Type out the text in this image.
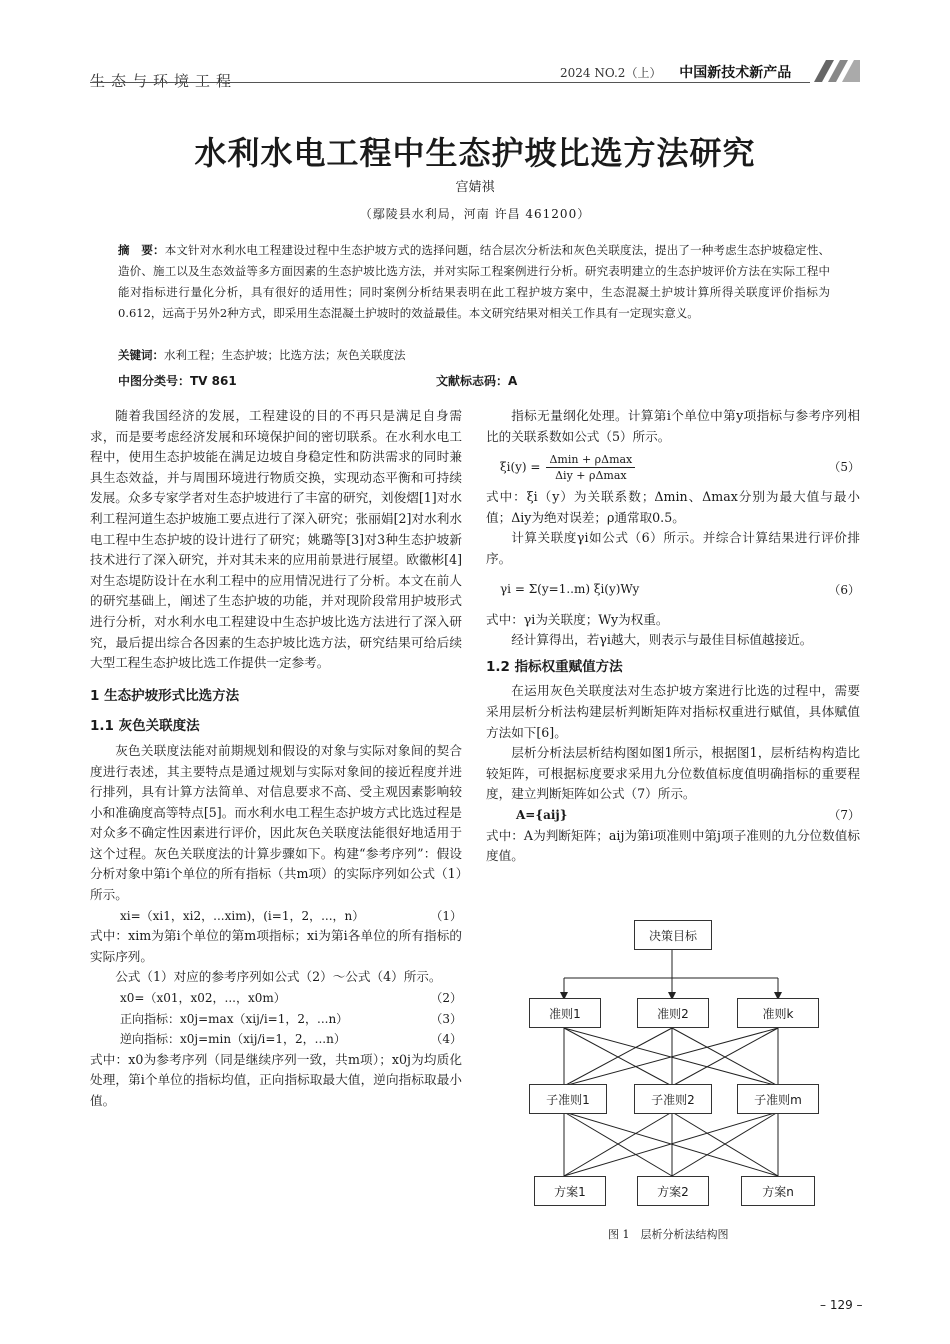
生态与环境工程	2024 NO.2（上） 中国新技术新产品
水利水电工程中生态护坡比选方法研究
宫婧祺
（鄢陵县水利局，河南 许昌 461200）
摘　要：本文针对水利水电工程建设过程中生态护坡方式的选择问题，结合层次分析法和灰色关联度法，提出了一种考虑生态护坡稳定性、造价、施工以及生态效益等多方面因素的生态护坡比选方法，并对实际工程案例进行分析。研究表明建立的生态护坡评价方法在实际工程中能对指标进行量化分析，具有很好的适用性；同时案例分析结果表明在此工程护坡方案中，生态混凝土护坡计算所得关联度评价指标为0.612，远高于另外2种方式，即采用生态混凝土护坡时的效益最佳。本文研究结果对相关工作具有一定现实意义。
关键词：水利工程；生态护坡；比选方法；灰色关联度法
中图分类号：TV 861	文献标志码：A

随着我国经济的发展，工程建设的目的不再只是满足自身需求，而是要考虑经济发展和环境保护间的密切联系。在水利水电工程中，使用生态护坡能在满足边坡自身稳定性和防洪需求的同时兼具生态效益，并与周围环境进行物质交换，实现动态平衡和可持续发展。众多专家学者对生态护坡进行了丰富的研究，刘俊熠[1]对水利工程河道生态护坡施工要点进行了深入研究；张丽娟[2]对水利水电工程中生态护坡的设计进行了研究；姚璐等[3]对3种生态护坡新技术进行了深入研究，并对其未来的应用前景进行展望。欧徽彬[4]对生态堤防设计在水利工程中的应用情况进行了分析。本文在前人的研究基础上，阐述了生态护坡的功能，并对现阶段常用护坡形式进行分析，对水利水电工程建设中生态护坡比选方法进行了深入研究，最后提出综合各因素的生态护坡比选方法，研究结果可给后续大型工程生态护坡比选工作提供一定参考。

1 生态护坡形式比选方法
1.1 灰色关联度法

灰色关联度法能对前期规划和假设的对象与实际对象间的契合度进行表述，其主要特点是通过规划与实际对象间的接近程度并进行排列，具有计算方法简单、对信息要求不高、受主观因素影响较小和准确度高等特点[5]。而水利水电工程生态护坡方式比选过程是对众多不确定性因素进行评价，因此灰色关联度法能很好地适用于这个过程。灰色关联度法的计算步骤如下。构建“参考序列”：假设分析对象中第i个单位的所有指标（共m项）的实际序列如公式（1）所示。

xi=（xi1，xi2，...xim)，(i=1，2，...，n）	（1）

式中：xim为第i个单位的第m项指标；xi为第i各单位的所有指标的实际序列。

公式（1）对应的参考序列如公式（2）～公式（4）所示。

x0=（x01，x02，...，x0m）	（2）
正向指标：x0j=max（xij/i=1，2，...n）	（3）
逆向指标：x0j=min（xij/i=1，2，...n）	（4）

式中：x0为参考序列（同是继续序列一致，共m项）；x0j为均质化处理，第i个单位的指标均值，正向指标取最大值，逆向指标取最小值。

指标无量纲化处理。计算第i个单位中第y项指标与参考序列相比的关联系数如公式（5）所示。

ξi(y) =
Δmin + ρΔmax
Δiy + ρΔmax
（5）

式中：ξi（y）为关联系数；Δmin、Δmax分别为最大值与最小值；Δiy为绝对误差；ρ通常取0.5。

计算关联度γi如公式（6）所示。并综合计算结果进行评价排序。

γi = Σ(y=1..m) ξi(y)Wy	（6）

式中：γi为关联度；Wy为权重。

经计算得出，若γi越大，则表示与最佳目标值越接近。

1.2 指标权重赋值方法

在运用灰色关联度法对生态护坡方案进行比选的过程中，需要采用层析分析法构建层析判断矩阵对指标权重进行赋值，具体赋值方法如下[6]。

层析分析法层析结构图如图1所示，根据图1，层析结构构造比较矩阵，可根据标度要求采用九分位数值标度值明确指标的重要程度，建立判断矩阵如公式（7）所示。

A={aij}	（7）

式中：A为判断矩阵；aij为第i项准则中第j项子准则的九分位数值标度值。

决策目标
准则1	准则2	准则k
子准则1	子准则2	子准则m
方案1	方案2	方案n
图 1　层析分析法结构图
– 129 –
